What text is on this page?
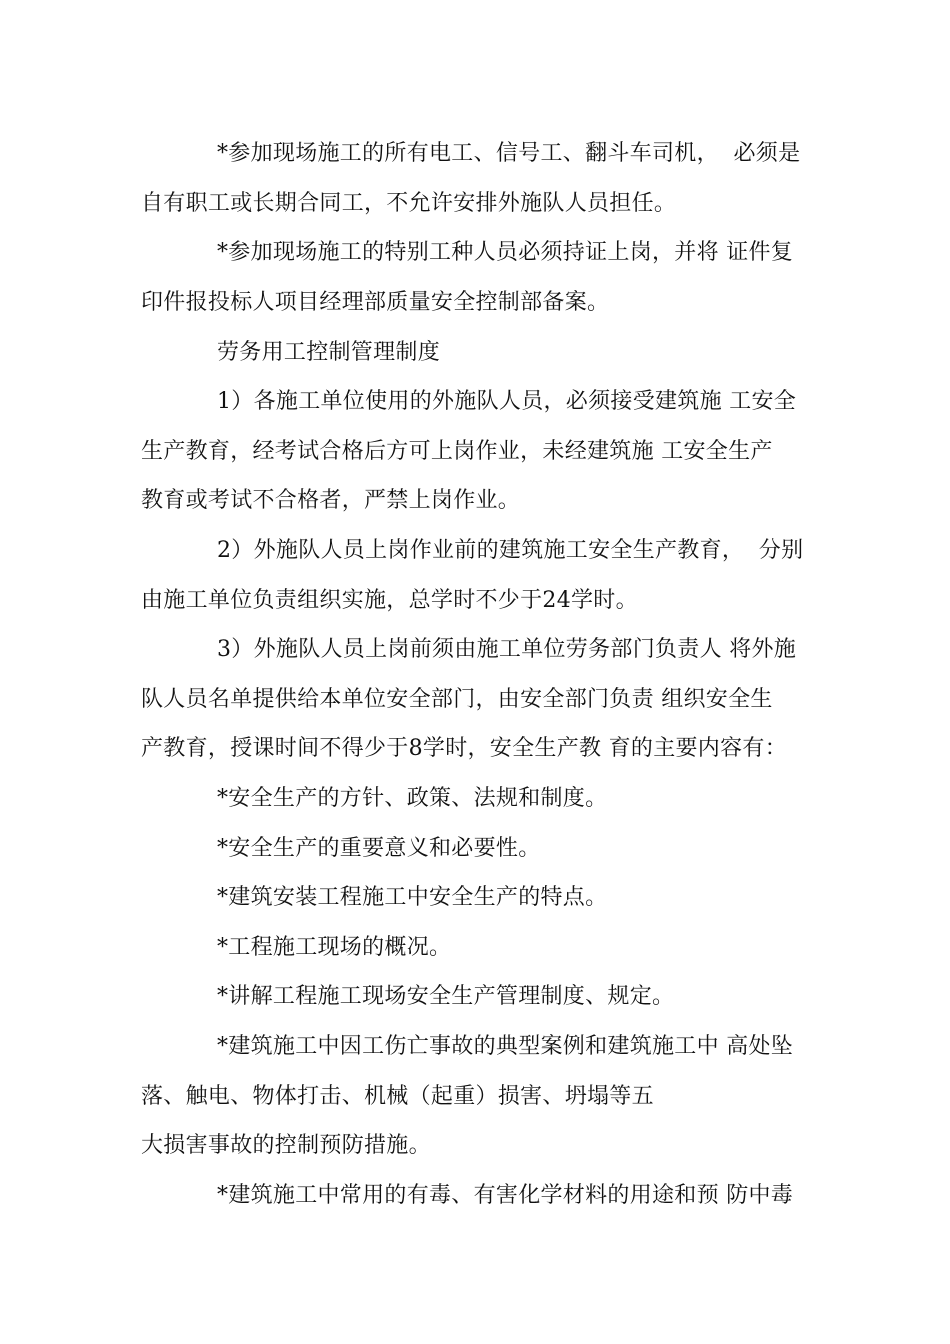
*参加现场施工的所有电工、信号工、翻斗车司机，  必须是
自有职工或长期合同工，不允许安排外施队人员担任。
*参加现场施工的特别工种人员必须持证上岗，并将 证件复
印件报投标人项目经理部质量安全控制部备案。
劳务用工控制管理制度
1）各施工单位使用的外施队人员，必须接受建筑施 工安全
生产教育，经考试合格后方可上岗作业，未经建筑施 工安全生产
教育或考试不合格者，严禁上岗作业。
2）外施队人员上岗作业前的建筑施工安全生产教育，  分别
由施工单位负责组织实施，总学时不少于24学时。
3）外施队人员上岗前须由施工单位劳务部门负责人 将外施
队人员名单提供给本单位安全部门，由安全部门负责 组织安全生
产教育，授课时间不得少于8学时，安全生产教 育的主要内容有：
*安全生产的方针、政策、法规和制度。
*安全生产的重要意义和必要性。
*建筑安装工程施工中安全生产的特点。
*工程施工现场的概况。
*讲解工程施工现场安全生产管理制度、规定。
*建筑施工中因工伤亡事故的典型案例和建筑施工中 高处坠
落、触电、物体打击、机械（起重）损害、坍塌等五
大损害事故的控制预防措施。
*建筑施工中常用的有毒、有害化学材料的用途和预 防中毒
